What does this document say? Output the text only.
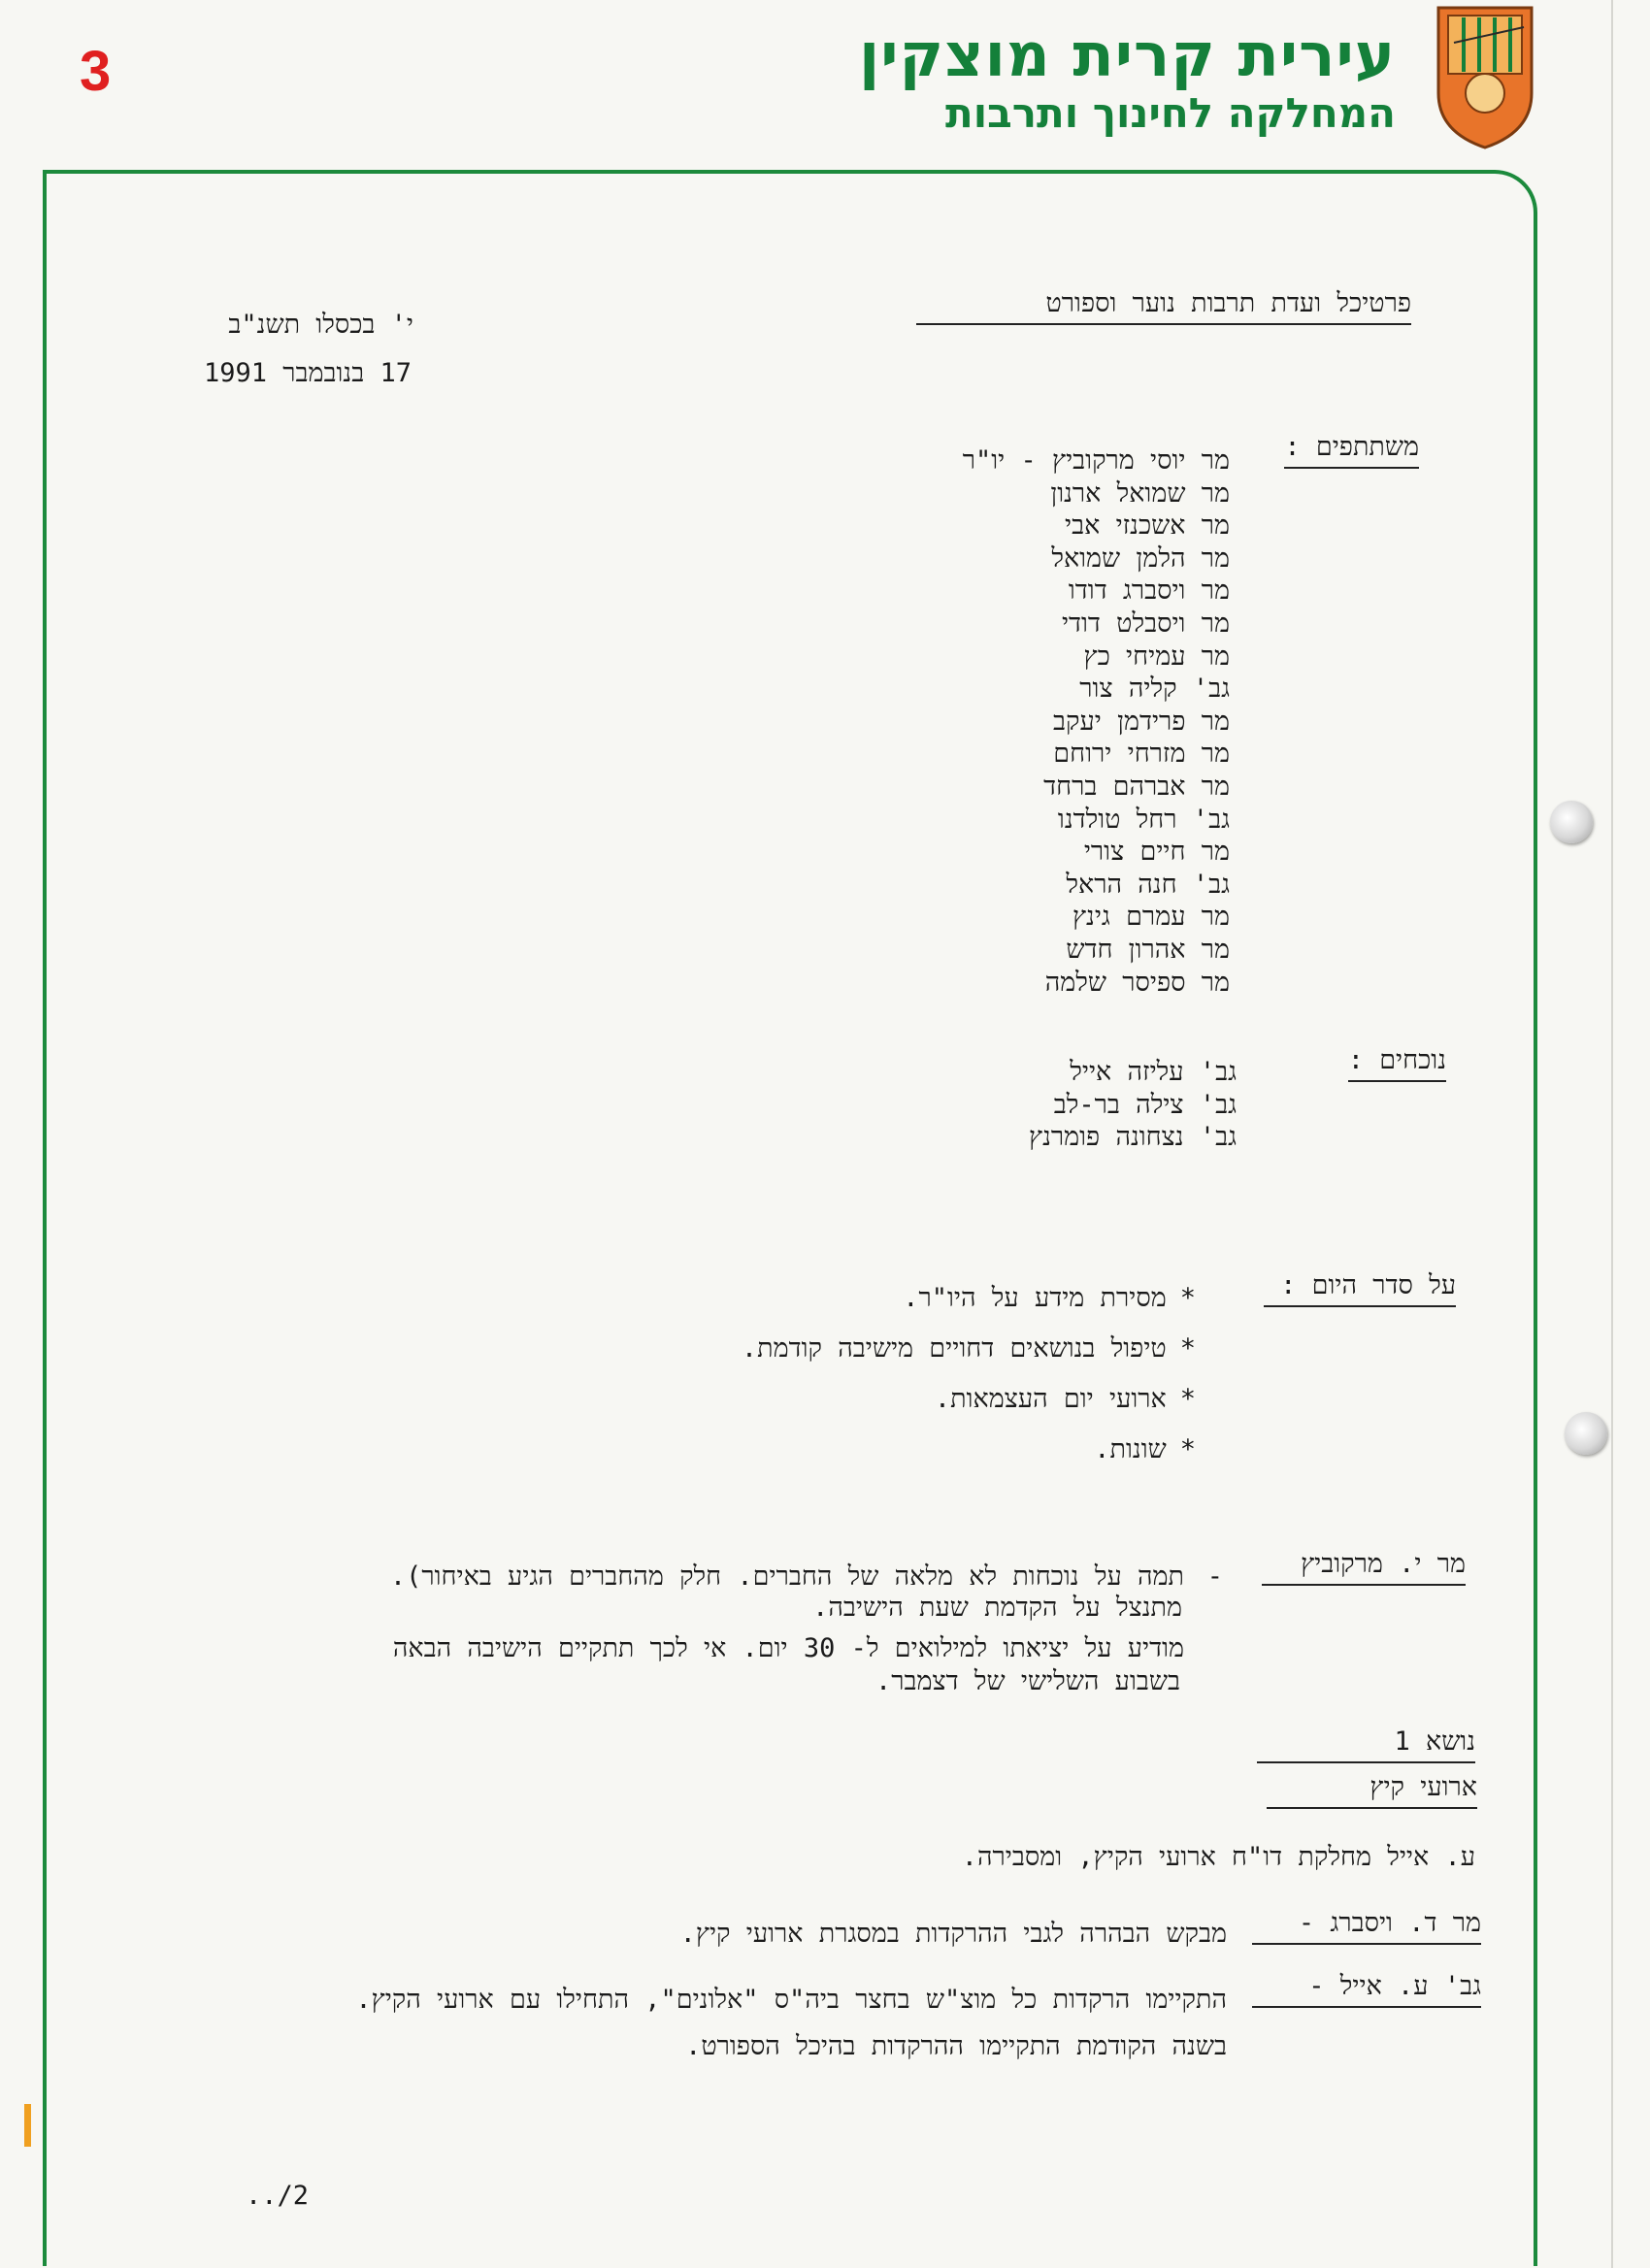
3	עירית קרית מוצקין
המחלקה לחינוך ותרבות
פרטיכל ועדת תרבות נוער וספורט
י' בכסלו תשנ"ב
17 בנובמבר 1991
משתתפים :
מר יוסי מרקוביץ - יו"ר
מר שמואל ארנון
מר אשכנזי אבי
מר הלמן שמואל
מר ויסברג דודו
מר ויסבלט דודי
מר עמיחי כץ
גב' קליה צור
מר פרידמן יעקב
מר מזרחי ירוחם
מר אברהם ברחד
גב' רחל טולדנו
מר חיים צורי
גב' חנה הראל
מר עמרם גינץ
מר אהרון חדש
מר ספיסר שלמה
נוכחים :
גב' עליזה אייל
גב' צילה בר-לב
גב' נצחונה פומרנץ
על סדר היום :
*מסירת מידע על היו"ר.
*טיפול בנושאים דחויים מישיבה קודמת.
*ארועי יום העצמאות.
*שונות.
מר י. מרקוביץ
-
תמה על נוכחות לא מלאה של החברים. חלק מהחברים הגיע באיחור).
מתנצל על הקדמת שעת הישיבה.
מודיע על יציאתו למילואים ל- 30 יום. אי לכך תתקיים הישיבה הבאה
בשבוע השלישי של דצמבר.
נושא 1
ארועי קיץ
ע. אייל מחלקת דו"ח ארועי הקיץ, ומסבירה.
מר ד. ויסברג -
מבקש הבהרה לגבי ההרקדות במסגרת ארועי קיץ.
גב' ע. אייל -
התקיימו הרקדות כל מוצ"ש בחצר ביה"ס "אלונים", התחילו עם ארועי הקיץ.
בשנה הקודמת התקיימו ההרקדות בהיכל הספורט.
2/..
